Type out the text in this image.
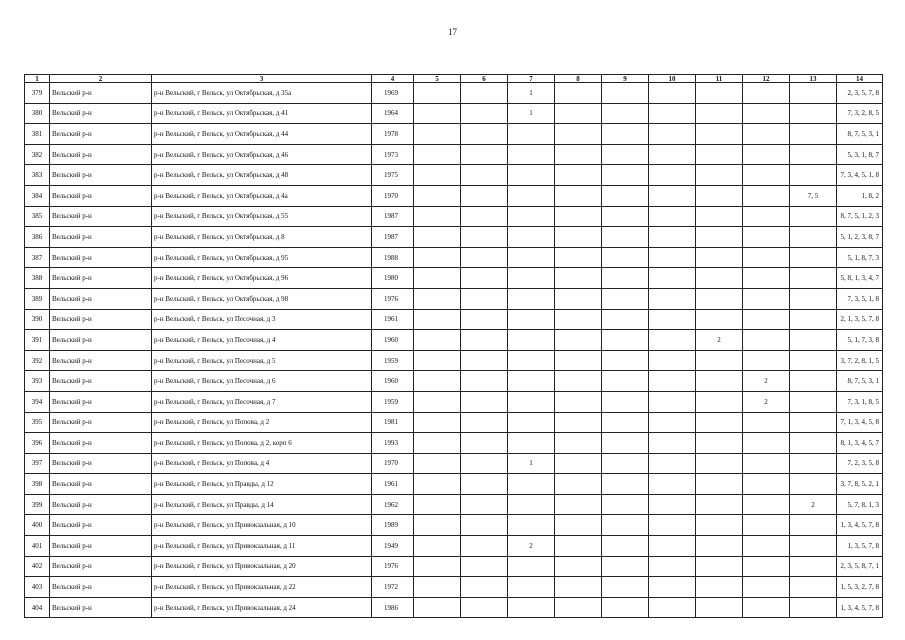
17
1	2	3	4	5	6	7	8	9	10	11	12	13	14
379	Вельский р-н	р-н Вельский, г Вельск, ул Октябрьская, д 35а	1969			1							2, 3, 5, 7, 8
380	Вельский р-н	р-н Вельский, г Вельск, ул Октябрьская, д 41	1964			1							7, 3, 2, 8, 5
381	Вельский р-н	р-н Вельский, г Вельск, ул Октябрьская, д 44	1978										8, 7, 5, 3, 1
382	Вельский р-н	р-н Вельский, г Вельск, ул Октябрьская, д 46	1973										5, 3, 1, 8, 7
383	Вельский р-н	р-н Вельский, г Вельск, ул Октябрьская, д 48	1975										7, 3, 4, 5, 1, 8
384	Вельский р-н	р-н Вельский, г Вельск, ул Октябрьская, д 4а	1970									7, 5	1, 8, 2
385	Вельский р-н	р-н Вельский, г Вельск, ул Октябрьская, д 55	1987										8, 7, 5, 1, 2, 3
386	Вельский р-н	р-н Вельский, г Вельск, ул Октябрьская, д 8	1987										5, 1, 2, 3, 8, 7
387	Вельский р-н	р-н Вельский, г Вельск, ул Октябрьская, д 95	1988										5, 1, 8, 7, 3
388	Вельский р-н	р-н Вельский, г Вельск, ул Октябрьская, д 96	1980										5, 8, 1, 3, 4, 7
389	Вельский р-н	р-н Вельский, г Вельск, ул Октябрьская, д 98	1976										7, 3, 5, 1, 8
390	Вельский р-н	р-н Вельский, г Вельск, ул Песочная, д 3	1961										2, 1, 3, 5, 7, 8
391	Вельский р-н	р-н Вельский, г Вельск, ул Песочная, д 4	1960							2			5, 1, 7, 3, 8
392	Вельский р-н	р-н Вельский, г Вельск, ул Песочная, д 5	1959										3, 7, 2, 8, 1, 5
393	Вельский р-н	р-н Вельский, г Вельск, ул Песочная, д 6	1960								2		8, 7, 5, 3, 1
394	Вельский р-н	р-н Вельский, г Вельск, ул Песочная, д 7	1959								2		7, 3, 1, 8, 5
395	Вельский р-н	р-н Вельский, г Вельск, ул Попова, д 2	1981										7, 1, 3, 4, 5, 8
396	Вельский р-н	р-н Вельский, г Вельск, ул Попова, д 2, корп 6	1993										8, 1, 3, 4, 5, 7
397	Вельский р-н	р-н Вельский, г Вельск, ул Попова, д 4	1970			1							7, 2, 3, 5, 8
398	Вельский р-н	р-н Вельский, г Вельск, ул Правды, д 12	1961										3, 7, 8, 5, 2, 1
399	Вельский р-н	р-н Вельский, г Вельск, ул Правды, д 14	1962									2	5, 7, 8, 1, 3
400	Вельский р-н	р-н Вельский, г Вельск, ул Привокзальная, д 10	1989										1, 3, 4, 5, 7, 8
401	Вельский р-н	р-н Вельский, г Вельск, ул Привокзальная, д 11	1949			2							1, 3, 5, 7, 8
402	Вельский р-н	р-н Вельский, г Вельск, ул Привокзальная, д 20	1976										2, 3, 5, 8, 7, 1
403	Вельский р-н	р-н Вельский, г Вельск, ул Привокзальная, д 22	1972										1, 5, 3, 2, 7, 8
404	Вельский р-н	р-н Вельский, г Вельск, ул Привокзальная, д 24	1986										1, 3, 4, 5, 7, 8
